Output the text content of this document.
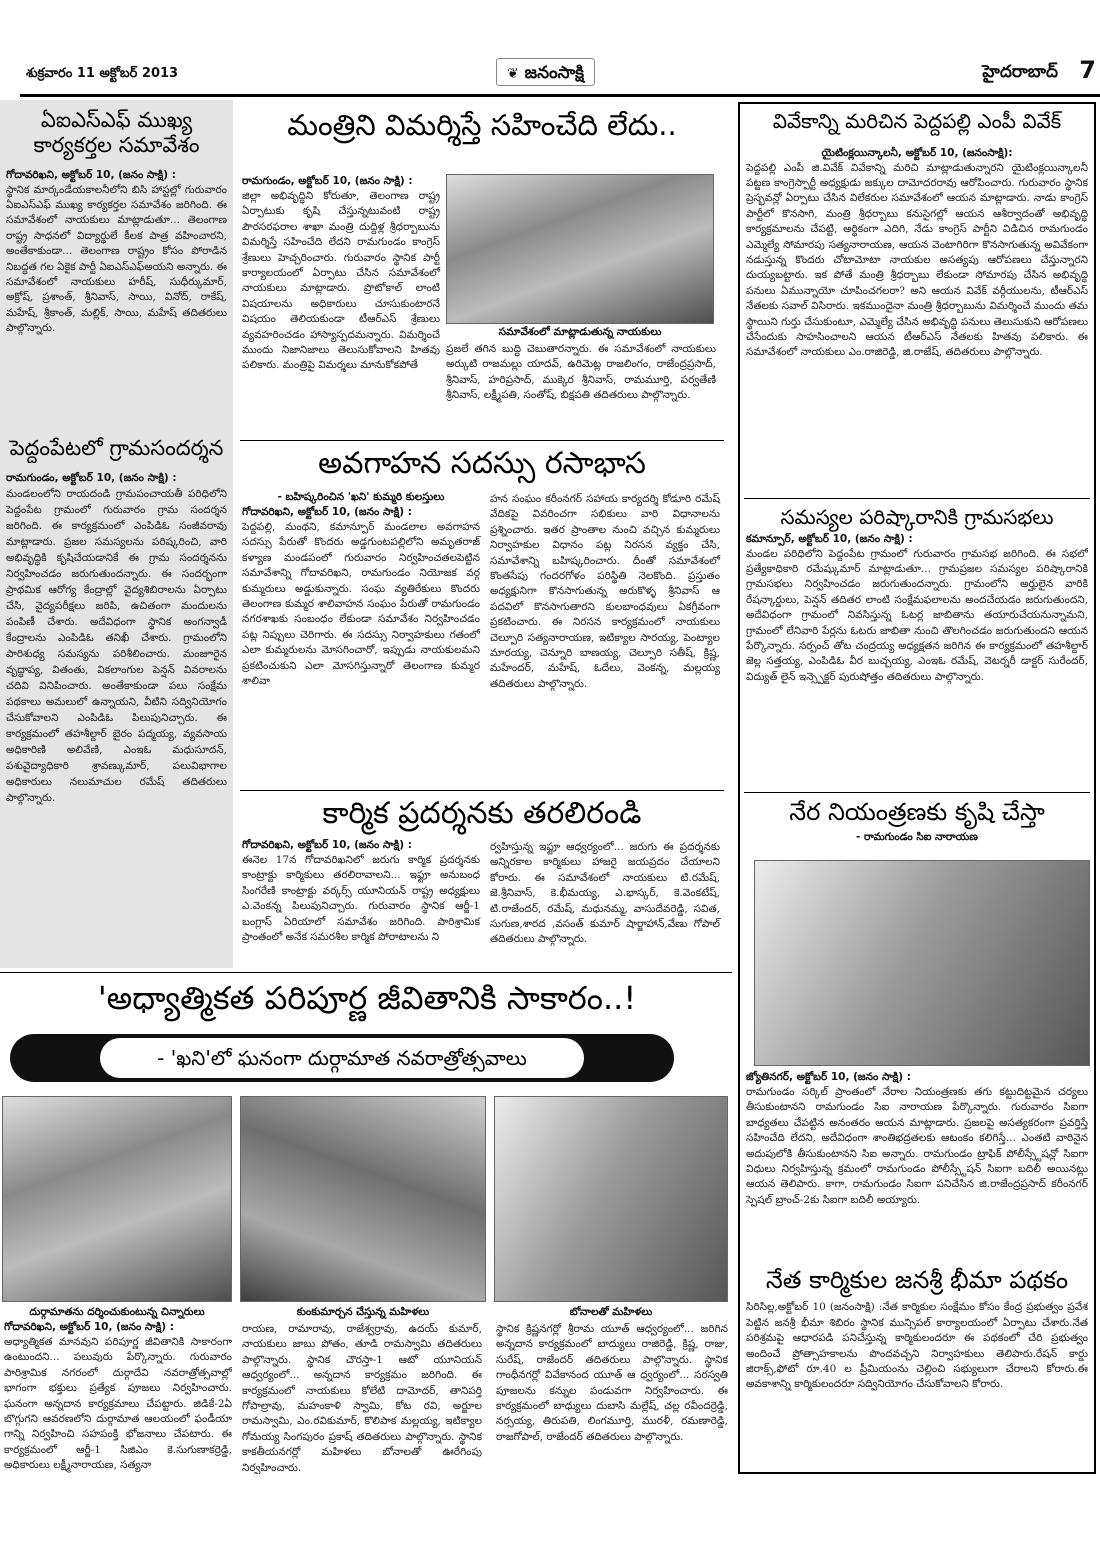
శుక్రవారం 11 అక్టోబర్ 2013	❦ జనంసాక్షి	హైదరాబాద్ 7
ఏఐఎస్ఎఫ్ ముఖ్య కార్యకర్తల సమావేశం
గోదావరిఖని, అక్టోబర్ 10, (జనం సాక్షి) :

స్థానిక మార్కండేయకాలనీలోని బిసి హాస్టల్లో గురువారం ఏఐఎస్ఎఫ్ ముఖ్య కార్యకర్తల సమావేశం జరిగింది. ఈ సమావేశంలో నాయకులు మాట్లాడుతూ... తెలంగాణ రాష్ట్ర సాధనలో విద్యార్థులే కీలక పాత్ర వహించారని, అంతేకాకుండా... తెలంగాణ రాష్ట్రం కోసం పోరాడిన నిబద్ధత గల ఏకైక పార్టీ ఏఐఎస్ఎఫ్అయని అన్నారు. ఈ సమావేశంలో నాయకులు హరీష్, సుధీర్కుమార్, అక్రోష్, ప్రశాంత్, శ్రీనివాస్, సాయి, వినోద్, రాకేష్, మహేష్, శ్రీకాంత్, మల్లిక్, సాయి, మహేష్ తదితరులు పాల్గొన్నారు.

పెద్దంపేటలో గ్రామసందర్శన
రామగుండం, అక్టోబర్ 10, (జనం సాక్షి) :

మండలంలోని రాయదండి గ్రామపంచాయతీ పరిధిలోని పెద్దంపేట గ్రామంలో గురువారం గ్రామ సందర్శన జరిగింది. ఈ కార్యక్రమంలో ఎంపిడిఓ సంజీవరావు మాట్లాడారు. ప్రజల సమస్యలను పరిష్కరించి, వారి అభివృద్ధికి కృషిచేయడానికే ఈ గ్రామ సందర్శనను నిర్వహించడం జరుగుతుందన్నారు. ఈ సందర్భంగా ప్రాథమిక ఆరోగ్య కేంద్రాల్లో వైద్యశిబిరాలను ఏర్పాటు చేసి, వైద్యపరీక్షలు జరిపి, ఉచితంగా మందులను పంపిణీ చేశారు. అదేవిధంగా స్థానిక అంగన్వాడీ కేంద్రాలను ఎంపిడిఓ తనిఖీ చేశారు. గ్రామంలోని పారిశుధ్య సమస్యను పరిశీలించారు. మంజూరైన వృద్ధాప్య, వితంతు, వికలాంగుల పెన్షన్ వివరాలను చదివి వినిపించారు. అంతేకాకుండా పలు సంక్షేమ పథకాలు అమలులో ఉన్నాయని, వీటిని సద్వినియోగం చేసుకోవాలని ఎంపిడిఓ పిలుపునిచ్చారు. ఈ కార్యక్రమంలో తహశీల్దార్ బైరం పద్మయ్య, వ్యవసాయ అధికారిణి అలివేణి, ఎంఇఓ మధుసూదన్, పశువైద్యాధికారి శ్రావణ్కుమార్, పలువిభాగాల అధికారులు నలుమాచుల రమేష్ తదితరులు పాల్గొన్నారు.

మంత్రిని విమర్శిస్తే సహించేది లేదు..
రామగుండం, అక్టోబర్ 10, (జనం సాక్షి) :

జిల్లా అభివృద్ధిని కోరుతూ, తెలంగాణ రాష్ట్ర ఏర్పాటుకు కృషి చేస్తున్నటువంటి రాష్ట్ర పౌరసరఫరాల శాఖా మంత్రి దుద్దిళ్ల శ్రీధర్బాబును విమర్శిస్తే సహించేది లేదని రామగుండం కాంగ్రెస్ శ్రేణులు హెచ్చరించారు. గురువారం స్థానిక పార్టీ కార్యాలయంలో ఏర్పాటు చేసిన సమావేశంలో నాయకులు మాట్లాడారు. ప్రొటోకాల్ లాంటి విషయాలను అధికారులు చూసుకుంటారనే విషయం తెలియకుండా టీఆర్ఎస్ శ్రేణులు వ్యవహరించడం హాస్యాస్పదమన్నారు. విమర్శించే ముందు నిజానిజాలు తెలుసుకోవాలని హితవు పలికారు. మంత్రిపై విమర్శలు మానుకోకపోతే

సమావేశంలో మాట్లాడుతున్న నాయకులు

ప్రజలే తగిన బుద్ధి చెబుతారన్నారు. ఈ సమావేశంలో నాయకులు అర్కుటి రాజమల్లు యాదవ్, ఉరిమెట్ల రాజలింగం, రాజేంద్రప్రసాద్, శ్రీనివాస్, హరిప్రసాద్, ముక్కెర శ్రీనివాస్, రామమూర్తి, పర్వతేణి శ్రీనివాస్, లక్ష్మీపతి, సంతోష్, బిక్షపతి తదితరులు పాల్గొన్నారు.

అవగాహన సదస్సు రసాభాస
- బహిష్కరించిన 'ఖని' కుమ్మరి కులస్తులు
గోదావరిఖని, అక్టోబర్ 10, (జనం సాక్షి) :

పెద్దపల్లి, మంథని, కమాన్పూర్ మండలాల అవగాహన సదస్సు పేరుతో కొందరు అడ్డగుంటపల్లిలోని అమృతరాజ్ కళ్యాణ మండపంలో గురువారం నిర్వహించతలపెట్టిన సమావేశాన్ని గోదావరిఖని, రామగుండం నియోజక వర్గ కుమ్మరులు అడ్డుకున్నారు. సంఘ వ్యతిరేకులు కొందరు తెలంగాణ కుమ్మర శాలివాహన సంఘం పేరుతో రామగుండం నగరశాఖకు సంబంధం లేకుండా సమావేశం నిర్వహించడం పట్ల నిప్పులు చెరిగారు. ఈ సదస్సు నిర్వాహకులు గతంలో ఎలా కుమ్మరులను మోసగించారో, ఇప్పుడు నాయకులమని ప్రకటించుకుని ఎలా మోసగిస్తున్నారో తెలంగాణ కుమ్మర శాలివా

హన సంఘం కరీంనగర్ సహాయ కార్యదర్శి కోడూరి రమేష్ వేదికపై వివరించగా సభికులు వారి విధానాలను ప్రశ్నించారు. ఇతర ప్రాంతాల నుంచి వచ్చిన కుమ్మరులు నిర్వాహకుల విధానం పట్ల నిరసన వ్యక్తం చేసి, సమావేశాన్ని బహిష్కరించారు. దీంతో సమావేశంలో కొంతసేపు గందరగోళం పరిస్థితి నెలకొంది. ప్రస్తుతం అధ్యక్షునిగా కొనసాగుతున్న అరుకొళ్ళ శ్రీనివాస్ ఆ పదవిలో కొనసాగుతారని కులబాంధవులు ఏకగ్రీవంగా ప్రకటించారు. ఈ నిరసన కార్యక్రమంలో నాయకులు చెల్పూరి సత్యనారాయణ, ఇటిక్యాల సారయ్య, పెంట్యాల మారయ్య, చెన్నూరి బాణయ్య, చెల్పూరి సతీష్, క్రిష్ణ, మహేందర్, మహేష్, ఓదేలు, వెంకన్న, మల్లయ్య తదితరులు పాల్గొన్నారు.

కార్మిక ప్రదర్శనకు తరలిరండి
గోదావరిఖని, అక్టోబర్ 10, (జనం సాక్షి) :

ఈనెల 17న గోదావరిఖనిలో జరుగు కార్మిక ప్రదర్శనకు కాంట్రాక్టు కార్మికులు తరలిరావాలని... ఇఫ్టూ అనుబంధ సింగరేణి కాంట్రాక్టు వర్కర్స్ యూనియన్ రాష్ట్ర అధ్యక్షులు ఎ.వెంకన్న పిలుపునిచ్చారు. గురువారం స్థానిక ఆర్జీ-1 బంగ్లాస్ ఏరియాలో సమావేశం జరిగింది. పారిశ్రామిక ప్రాంతంలో అనేక సమరశీల కార్మిక పోరాటాలను ని

ర్వహిస్తున్న ఇఫ్టూ ఆధ్వర్యంలో... జరుగు ఈ ప్రదర్శనకు అన్నిరకాల కార్మికులు హాజరై జయప్రదం చేయాలని కోరారు. ఈ సమావేశంలో నాయకులు టి.రమేష్, జె.శ్రీనివాస్, కె.భీమయ్య, ఎ.భాస్కర్, కె.వెంకటేష్, టి.రాజేందర్, రమేష్, మధునమ్మ, వాసుదేవరెడ్డి, సవిత, సుగుణ,శారద ,వసంత్ కుమార్ షార్జాహాన్,వేణు గోపాల్ తదితరులు పాల్గొన్నారు.

వివేకాన్ని మరిచిన పెద్దపల్లి ఎంపీ వివేక్
యైటింక్లయిన్కాలనీ, అక్టోబర్ 10, (జనంసాక్షి):

పెద్దపల్లి ఎంపీ జి.వివేక్ వివేకాన్ని మరిచి మాట్లాడుతున్నారని యైటింక్లయిన్కాలనీ పట్టణ కాంగ్రెస్పార్టీ అధ్యక్షుడు జక్కుల దామోదరరావు ఆరోపించారు. గురువారం స్థానిక ప్రెస్భవన్లో ఏర్పాటు చేసిన విలేకరుల సమావేశంలో ఆయన మాట్లాడారు. నాడు కాంగ్రెస్ పార్టీలో కొనసాగి, మంత్రి శ్రీధర్బాబు కనుసైగల్లో ఆయన ఆశీర్వాదంతో అభివృద్ధి కార్యక్రమాలను చేపట్టి, అర్థికంగా ఎదిగి, నేడు కాంగ్రెస్ పార్టీని విడిచిన రామగుండం ఎమ్మెల్యే సోమారపు సత్యనారాయణ, ఆయన వెంటాగిరిగా కొనసాగుతున్న అవివేకంగా నడుస్తున్న కొందరు చోటామోటా నాయకుల అసత్యపు ఆరోపణలు చేస్తున్నారని దుయ్యబట్టారు. ఇక పోతే మంత్రి శ్రీధర్బాబు లేకుండా సోమారపు చేసిన అభివృద్ధి పనులు ఏమున్నాయో చూపించగలరా? అని ఆయన వివేక్ వర్గీయులను, టీఆర్ఎస్ నేతలకు సవాల్ విసిరారు. ఇకముందైనా మంత్రి శ్రీధర్బాబును విమర్శించే ముందు తమ స్థాయిని గుర్తు చేసుకుంటూ, ఎమ్మెల్యే చేసిన అభివృద్ధి పనులు తెలుసుకుని ఆరోపణలు చేసేందుకు సాహసించాలని ఆయన టీఆర్ఎస్ నేతలకు హితవు పలికారు. ఈ సమావేశంలో నాయకులు ఎం.రాజిరెడ్డి, జి.రాజేష్, తదితరులు పాల్గొన్నారు.

సమస్యల పరిష్కారానికి గ్రామసభలు
కమాన్పూర్, అక్టోబర్ 10, (జనం సాక్షి) :

మండల పరిధిలోని పెద్దంపేట గ్రామంలో గురువారం గ్రామసభ జరిగింది. ఈ సభలో ప్రత్యేకాధికారి రమేష్కుమార్ మాట్లాడుతూ... గ్రామప్రజల సమస్యల పరిష్కారానికి గ్రామసభలు నిర్వహించడం జరుగుతుందన్నారు. గ్రామంలోని అర్హులైన వారికి రేషన్కార్డులు, పెన్షన్ తదితర లాంటి సంక్షేమఫలాలను అందచేయడం జరుగుతుందని, అదేవిధంగా గ్రామంలో నివసిస్తున్న ఓటర్ల జాబితాను తయారుచేయనున్నామని, గ్రామంలో లేనివారి పేర్లను ఓటరు జాబితా నుంచి తొలగించడం జరుగుతుందని ఆయన పేర్కొన్నారు. సర్పంచ్ తోట చంద్రయ్య అధ్యక్షతన జరిగిన ఈ కార్యక్రమంలో తహశీల్దార్ జెల్ల సత్తయ్య, ఎంపిడిఓ వీర బుచ్చయ్య, ఎంఇఓ రమేష్, వెటర్నరీ డాక్టర్ సురేందర్, విద్యుత్ లైన్ ఇన్స్పెక్టర్ పురుషోత్తం తదితరులు పాల్గొన్నారు.

నేర నియంత్రణకు కృషి చేస్తా
- రామగుండం సిఐ నారాయణ
జ్యోతినగర్, అక్టోబర్ 10, (జనం సాక్షి) :

రామగుండం సర్కిల్ ప్రాంతంలో నేరాల నియంత్రణకు తగు కట్టుదిట్టమైన చర్యలు తీసుకుంటానని రామగుండం సిఐ నారాయణ పేర్కొన్నారు. గురువారం సిఐగా బాధ్యతలు చేపట్టిన అనంతరం ఆయన మాట్లాడారు. ప్రజలపై అసత్యకరంగా ప్రవర్తిస్తే సహించేది లేదని, అదేవిధంగా శాంతిభద్రతలకు ఆటంకం కలిగిస్తే... ఎంతటి వారినైన అదుపులోకి తీసుకుంటానని సిఐ అన్నారు. రామగుండం ట్రాఫిక్ పోలీస్స్టేషన్లో సిఐగా విధులు నిర్వహిస్తున్న క్రమంలో రామగుండం పోలీస్స్టేషన్ సిఐగా బదిలీ అయినట్లు ఆయన తెలిపారు. కాగా, రామగుండం సిఐగా పనిచేసిన జి.రాజేంద్రప్రసాద్ కరీంనగర్ స్పెషల్ బ్రాంచ్-2కు సిఐగా బదిలీ అయ్యారు.

నేత కార్మికుల జనశ్రీ భీమా పథకం

సిరిసిల్ల,అక్టోబర్ 10 (జనంసాక్షి) :నేత కార్మికుల సంక్షేమం కోసం కేంద్ర ప్రభుత్వం ప్రవేశ పెట్టిన జనశ్రీ భీమా శిబిరం స్థానిక మున్సిపల్ కార్యాలయంలో ఏర్పాటు చేశారు.నేత పరిశ్రమపై ఆధారపడి పనిచేస్తున్న కార్మికులందరూ ఈ పథకంలో చేరి ప్రభుత్వం అందించే ప్రోత్సాహకాలను పొందవచ్చని నిర్వాహకులు తెలిపారు.రేషన్ కార్డు జిరాక్స్,ఫోటో రూ.40 ల ప్రీమియంను చెల్లించి సభ్యులుగా చేరాలని కోరారు.ఈ అవకాశాన్ని కార్మికులందరూ సద్వినియోగం చేసుకోవాలని కోరారు.

'అధ్యాత్మికత పరిపూర్ణ జీవితానికి సాకారం..!
- 'ఖని'లో ఘనంగా దుర్గామాత నవరాత్రోత్సవాలు
దుర్గామాతను దర్శించుకుంటున్న చిన్నారులు	కుంకుమార్చన చేస్తున్న మహిళలు	బోనాలతో మహిళలు
గోదావరిఖని, అక్టోబర్ 10, (జనం సాక్షి) :

అధ్యాత్మికత మానవుని పరిపూర్ణ జీవితానికి సాకారంగా ఉంటుందని... పలువురు పేర్కొన్నారు. గురువారం పారిశ్రామిక నగరంలో దుర్గాదేవి నవరాత్రోత్సవాల్లో భాగంగా భక్తులు ప్రత్యేక పూజలు నిర్వహించారు. ఘనంగా అన్నదాన కార్యక్రమాలు చేపట్టారు. జిడికే-2ఏ బొగ్గుగని ఆవరణలోని దుర్గామాత ఆలయంలో ఫండీయా గాన్ని నిర్వహించి సహపంక్తి భోజనాలు చేపటారు. ఈ కార్యక్రమంలో ఆర్జీ-1 సిజిఎం కె.సుగుణాకర్రెడ్డి, అధికారులు లక్ష్మీనారాయణ, సత్యనా

రాయణ, రామారావు, రాజేశ్వర్రావు, ఉదయ్ కుమార్, నాయకులు జాబు పోతం, తూడి రామస్వామి తదితరులు పాల్గొన్నారు. స్థానిక చౌరస్తా-1 ఆటో యూనియన్ ఆధ్వర్యంలో... అన్నదాన కార్యక్రమం జరిగింది. ఈ కార్యక్రమంలో నాయకులు కోలేటి దామోదర్, తానిపర్తి గోపాల్రావు, మహంకాళి స్వామి, కోట రవి, అర్జూల రామస్వామి, ఎం.రవికుమార్, కొలిపాక మల్లయ్య, ఇటిక్యాల గోమయ్య సింగపురం ప్రకాష్ తదితరులు పాల్గొన్నారు. స్థానిక కాకతీయనగర్లో మహిళలు బోనాలతో ఊరేగింపు నిర్వహించారు.

స్థానిక క్రిష్ణనగర్లో శ్రీరామ యూత్ ఆధ్వర్యంలో... జరిగిన అన్నదాన కార్యక్రమంలో బాద్యులు రాజిరెడ్డి, క్రిష్ణ, రాజు, సురేష్, రాజేందర్ తదితరులు పాల్గొన్నారు. స్థానిక గాంధీనగర్లో వివేకానంద యూత్ ఆ ధ్వర్యంలో... సరస్వతి పూజలను కన్నుల పండువగా నిర్వహించారు. ఈ కార్యక్రమంలో బాధ్యులు దుబాసి మల్లేష్, చల్ల రవీందర్రెడ్డి, నర్సయ్య, తిరుపతి, లింగమూర్తి, మురళీ, రమణారెడ్డి, రాజగోపాల్, రాజేందర్ తదితరులు పాల్గొన్నారు.
